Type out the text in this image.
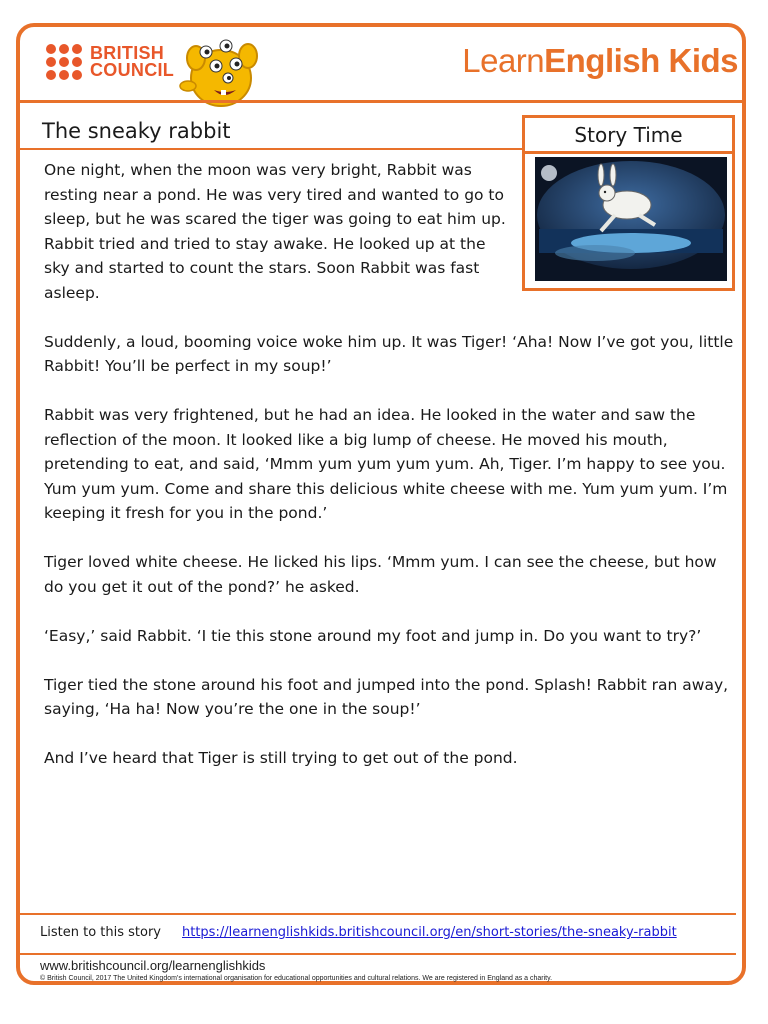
BRITISH
COUNCIL	LearnEnglish Kids
The sneaky rabbit	Story Time

One night, when the moon was very bright, Rabbit was resting near a pond. He was very tired and wanted to go to sleep, but he was scared the tiger was going to eat him up. Rabbit tried and tried to stay awake. He looked up at the sky and started to count the stars. Soon Rabbit was fast asleep.

Suddenly, a loud, booming voice woke him up. It was Tiger! ‘Aha! Now I’ve got you, little Rabbit! You’ll be perfect in my soup!’

Rabbit was very frightened, but he had an idea. He looked in the water and saw the reflection of the moon. It looked like a big lump of cheese. He moved his mouth, pretending to eat, and said, ‘Mmm yum yum yum yum. Ah, Tiger. I’m happy to see you. Yum yum yum. Come and share this delicious white cheese with me. Yum yum yum. I’m keeping it fresh for you in the pond.’

Tiger loved white cheese. He licked his lips. ‘Mmm yum. I can see the cheese, but how do you get it out of the pond?’ he asked.

‘Easy,’ said Rabbit. ‘I tie this stone around my foot and jump in. Do you want to try?’

Tiger tied the stone around his foot and jumped into the pond. Splash! Rabbit ran away, saying, ‘Ha ha! Now you’re the one in the soup!’

And I’ve heard that Tiger is still trying to get out of the pond.

Listen to this story https://learnenglishkids.britishcouncil.org/en/short-stories/the-sneaky-rabbit
www.britishcouncil.org/learnenglishkids
© British Council, 2017 The United Kingdom’s international organisation for educational opportunities and cultural relations. We are registered in England as a charity.
